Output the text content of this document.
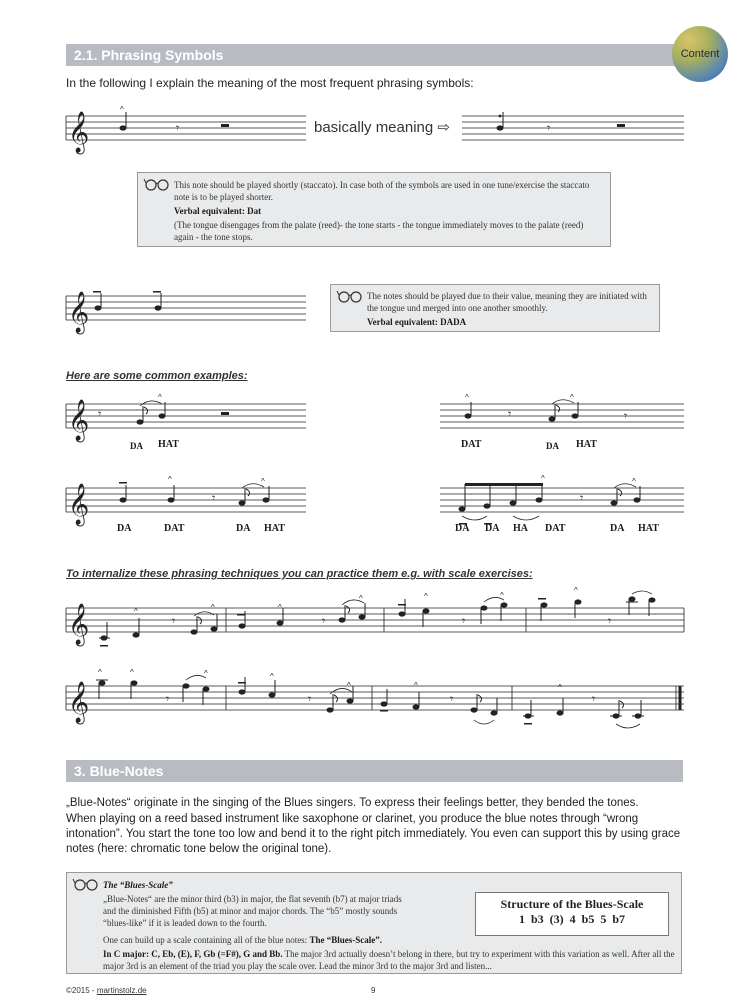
2.1. Phrasing Symbols	Content
In the following I explain the meaning of the most frequent phrasing symbols:
𝄞
^
𝄾	basically meaning ⇨	𝄾

This note should be played shortly (staccato). In case both of the symbols are used in one tune/exercise the staccato note is to be played shorter.

Verbal equivalent: Dat

(The tongue disengages from the palate (reed)- the tone starts - the tongue immediately moves to the palate (reed) again - the tone stops.

𝄞	The notes should be played due to their value, meaning they are initiated with the tongue und merged into one another smoothly.

Verbal equivalent: DADA

Here are some common examples:
𝄞 𝄾
^
DA HAT
^
𝄾
^
𝄾
DAT	DA HAT
𝄞
^
𝄾
^
DA	DAT	DA HAT
^
𝄾
^
DA DA HA DAT	DA HAT
To internalize these phrasing techniques you can practice them e.g. with scale exercises:
𝄞	^
𝄾
^	^
𝄾
^	^
𝄾
^
^
𝄾
𝄞
^	^
𝄾
^	^
𝄾
^	^
𝄾
^
𝄾
3. Blue-Notes
„Blue-Notes“ originate in the singing of the Blues singers. To express their feelings better, they bended the tones.
When playing on a reed based instrument like saxophone or clarinet, you produce the blue notes through “wrong intonation”. You start the tone too low and bend it to the right pitch immediately. You even can support this by using grace notes (here: chromatic tone below the original tone).

The “Blues-Scale”

„Blue-Notes“ are the minor third (b3) in major, the flat seventh (b7) at major triads and the diminished Fifth (b5) at minor and major chords. The “b5” mostly sounds “blues-like” if it is leaded down to the fourth.

One can build up a scale containing all of the blue notes: The “Blues-Scale”.

In C major: C, Eb, (E), F, Gb (=F#), G and Bb. The major 3rd actually doesn’t belong in there, but try to experiment with this variation as well. After all the major 3rd is an element of the triad you play the scale over. Lead the minor 3rd to the major 3rd and listen...

Structure of the Blues-Scale
1  b3  (3)  4  b5  5  b7
©2015 - martinstolz.de	9
